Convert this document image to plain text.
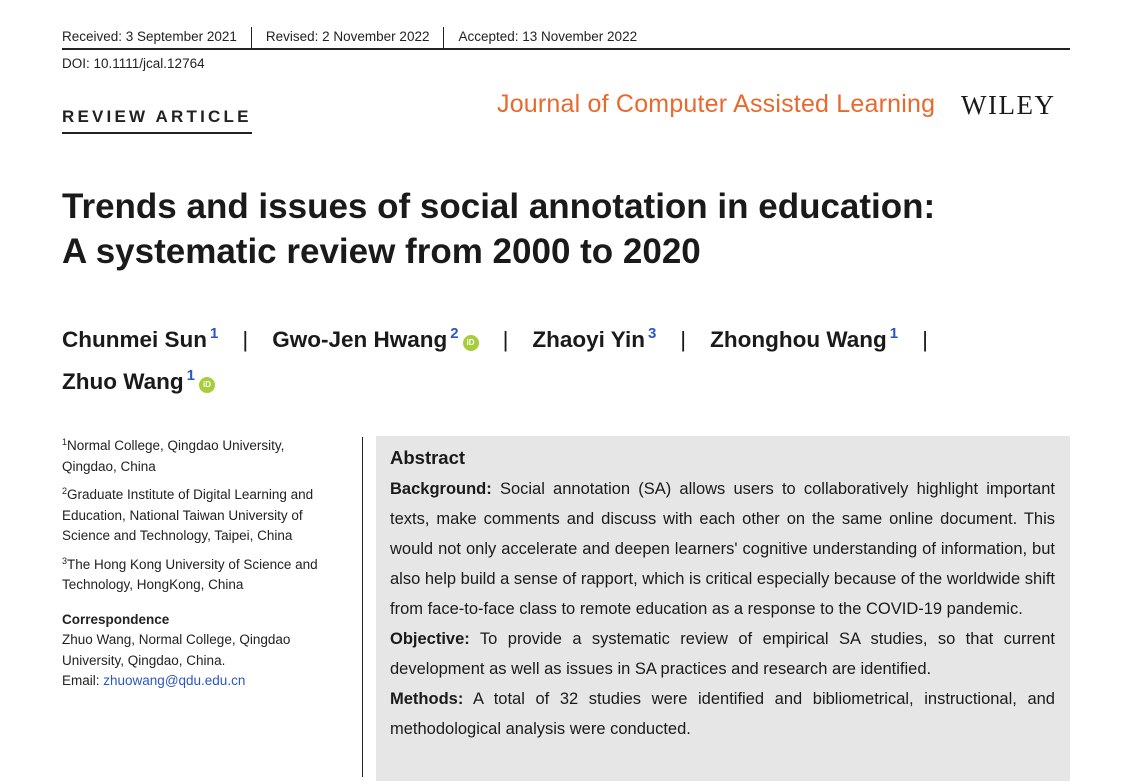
Received: 3 September 2021	Revised: 2 November 2022	Accepted: 13 November 2022
DOI: 10.1111/jcal.12764
REVIEW ARTICLE	Journal of Computer Assisted Learning WILEY
Trends and issues of social annotation in education:
A systematic review from 2000 to 2020
Chunmei Sun $^1$ | Gwo-Jen Hwang $^2$iD | Zhaoyi Yin $^3$ | Zhonghou Wang $^1$ |
Zhuo Wang $^1$iD
$^1$Normal College, Qingdao University, Qingdao, China
$^2$Graduate Institute of Digital Learning and Education, National Taiwan University of Science and Technology, Taipei, China
$^3$The Hong Kong University of Science and Technology, HongKong, China
Correspondence
Zhuo Wang, Normal College, Qingdao University, Qingdao, China.
Email: zhuowang@qdu.edu.cn
Abstract
Background: Social annotation (SA) allows users to collaboratively highlight important texts, make comments and discuss with each other on the same online document. This would not only accelerate and deepen learners' cognitive understanding of information, but also help build a sense of rapport, which is critical especially because of the worldwide shift from face-to-face class to remote education as a response to the COVID-19 pandemic.
Objective: To provide a systematic review of empirical SA studies, so that current development as well as issues in SA practices and research are identified.
Methods: A total of 32 studies were identified and bibliometrical, instructional, and methodological analysis were conducted.
